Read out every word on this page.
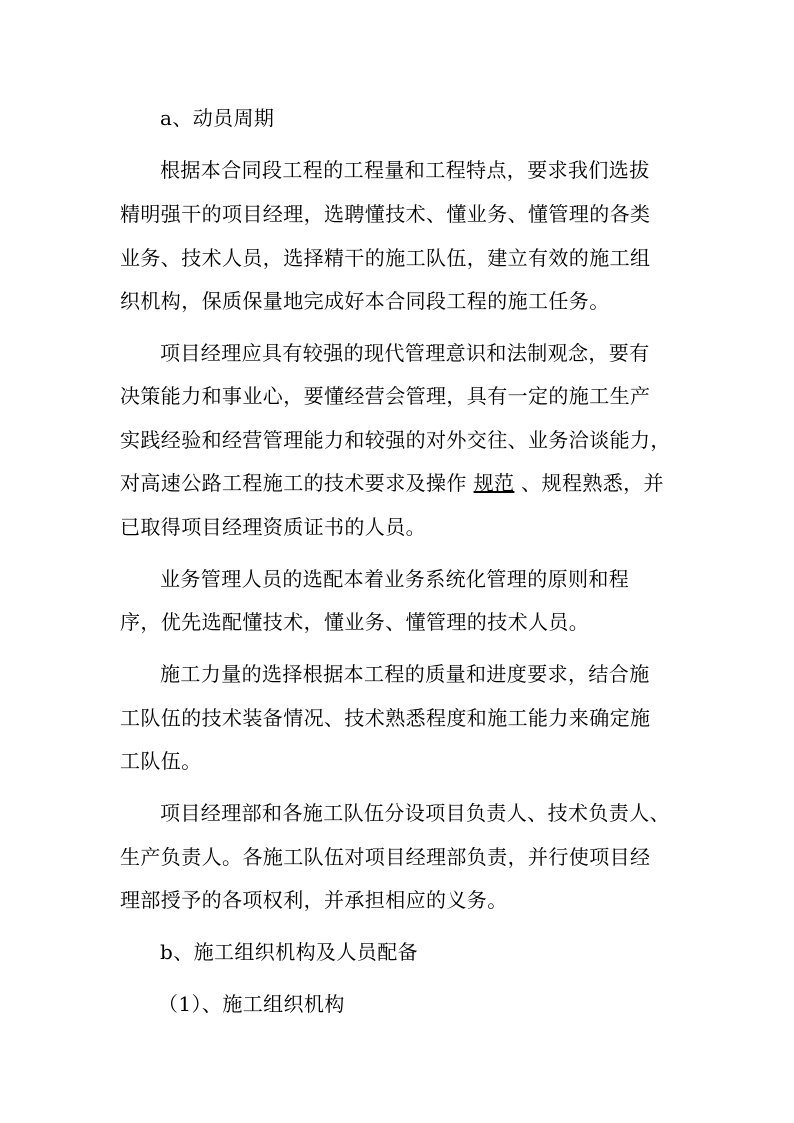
a、动员周期
根据本合同段工程的工程量和工程特点，要求我们选拔
精明强干的项目经理，选聘懂技术、懂业务、懂管理的各类
业务、技术人员，选择精干的施工队伍，建立有效的施工组
织机构，保质保量地完成好本合同段工程的施工任务。
项目经理应具有较强的现代管理意识和法制观念，要有
决策能力和事业心，要懂经营会管理，具有一定的施工生产
实践经验和经营管理能力和较强的对外交往、业务洽谈能力，
对高速公路工程施工的技术要求及操作 规范 、规程熟悉，并
已取得项目经理资质证书的人员。
业务管理人员的选配本着业务系统化管理的原则和程
序，优先选配懂技术，懂业务、懂管理的技术人员。
施工力量的选择根据本工程的质量和进度要求，结合施
工队伍的技术装备情况、技术熟悉程度和施工能力来确定施
工队伍。
项目经理部和各施工队伍分设项目负责人、技术负责人、
生产负责人。各施工队伍对项目经理部负责，并行使项目经
理部授予的各项权利，并承担相应的义务。
b、施工组织机构及人员配备
（1）、施工组织机构
